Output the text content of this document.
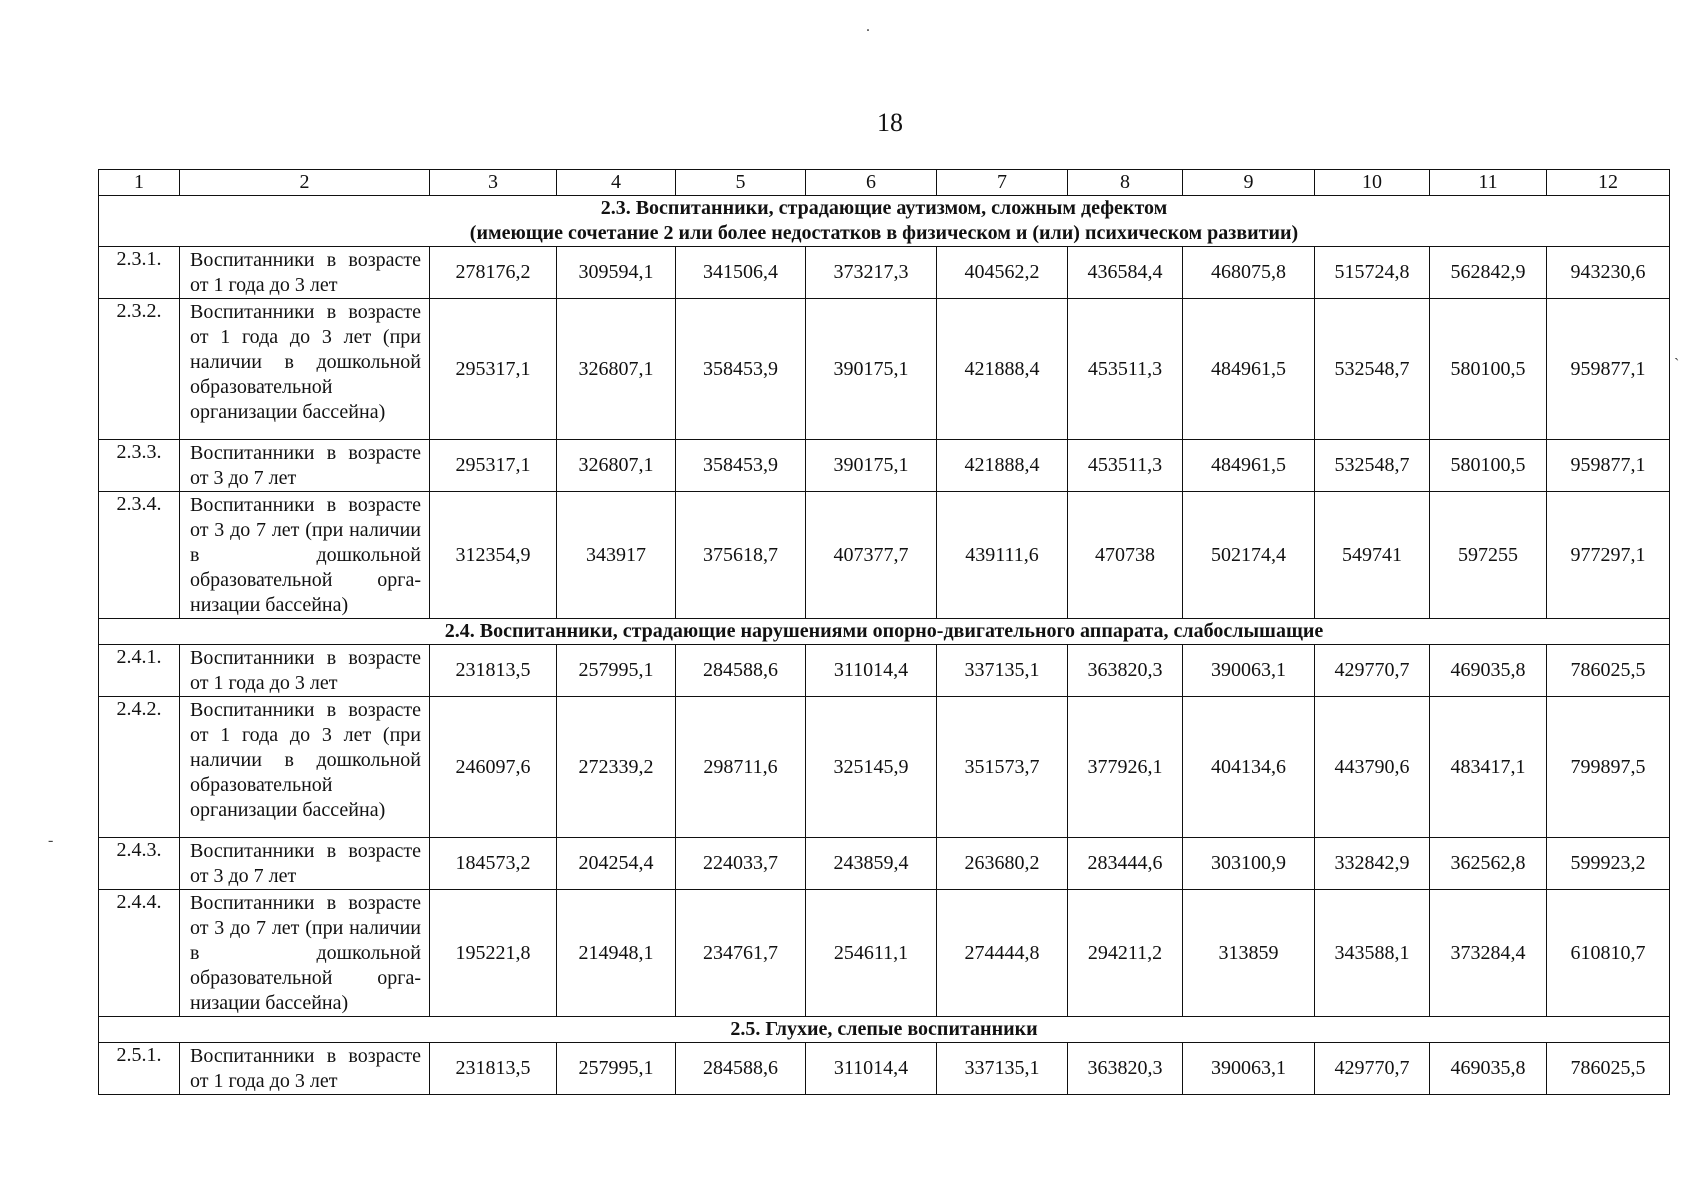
18
1	2	3	4	5	6	7	8	9	10	11	12
2.3. Воспитанники, страдающие аутизмом, сложным дефектом
(имеющие сочетание 2 или более недостатков в физическом и (или) психическом развитии)											
2.3.1.	Воспитанники в возрасте от 1 года до 3 лет	278176,2	309594,1	341506,4	373217,3	404562,2	436584,4	468075,8	515724,8	562842,9	943230,6
2.3.2.	Воспитанники в возрасте от 1 года до 3 лет (при наличии в дошкольной образовательной организации бассейна)	295317,1	326807,1	358453,9	390175,1	421888,4	453511,3	484961,5	532548,7	580100,5	959877,1
2.3.3.	Воспитанники в возрасте от 3 до 7 лет	295317,1	326807,1	358453,9	390175,1	421888,4	453511,3	484961,5	532548,7	580100,5	959877,1
2.3.4.	Воспитанники в возрасте от 3 до 7 лет (при наличии в дошкольной образовательной организации бассейна)	312354,9	343917	375618,7	407377,7	439111,6	470738	502174,4	549741	597255	977297,1
2.4. Воспитанники, страдающие нарушениями опорно-двигательного аппарата, слабослышащие											
2.4.1.	Воспитанники в возрасте от 1 года до 3 лет	231813,5	257995,1	284588,6	311014,4	337135,1	363820,3	390063,1	429770,7	469035,8	786025,5
2.4.2.	Воспитанники в возрасте от 1 года до 3 лет (при наличии в дошкольной образовательной организации бассейна)	246097,6	272339,2	298711,6	325145,9	351573,7	377926,1	404134,6	443790,6	483417,1	799897,5
2.4.3.	Воспитанники в возрасте от 3 до 7 лет	184573,2	204254,4	224033,7	243859,4	263680,2	283444,6	303100,9	332842,9	362562,8	599923,2
2.4.4.	Воспитанники в возрасте от 3 до 7 лет (при наличии в дошкольной образовательной организации бассейна)	195221,8	214948,1	234761,7	254611,1	274444,8	294211,2	313859	343588,1	373284,4	610810,7
2.5. Глухие, слепые воспитанники											
2.5.1.	Воспитанники в возрасте от 1 года до 3 лет	231813,5	257995,1	284588,6	311014,4	337135,1	363820,3	390063,1	429770,7	469035,8	786025,5
.
`
-
